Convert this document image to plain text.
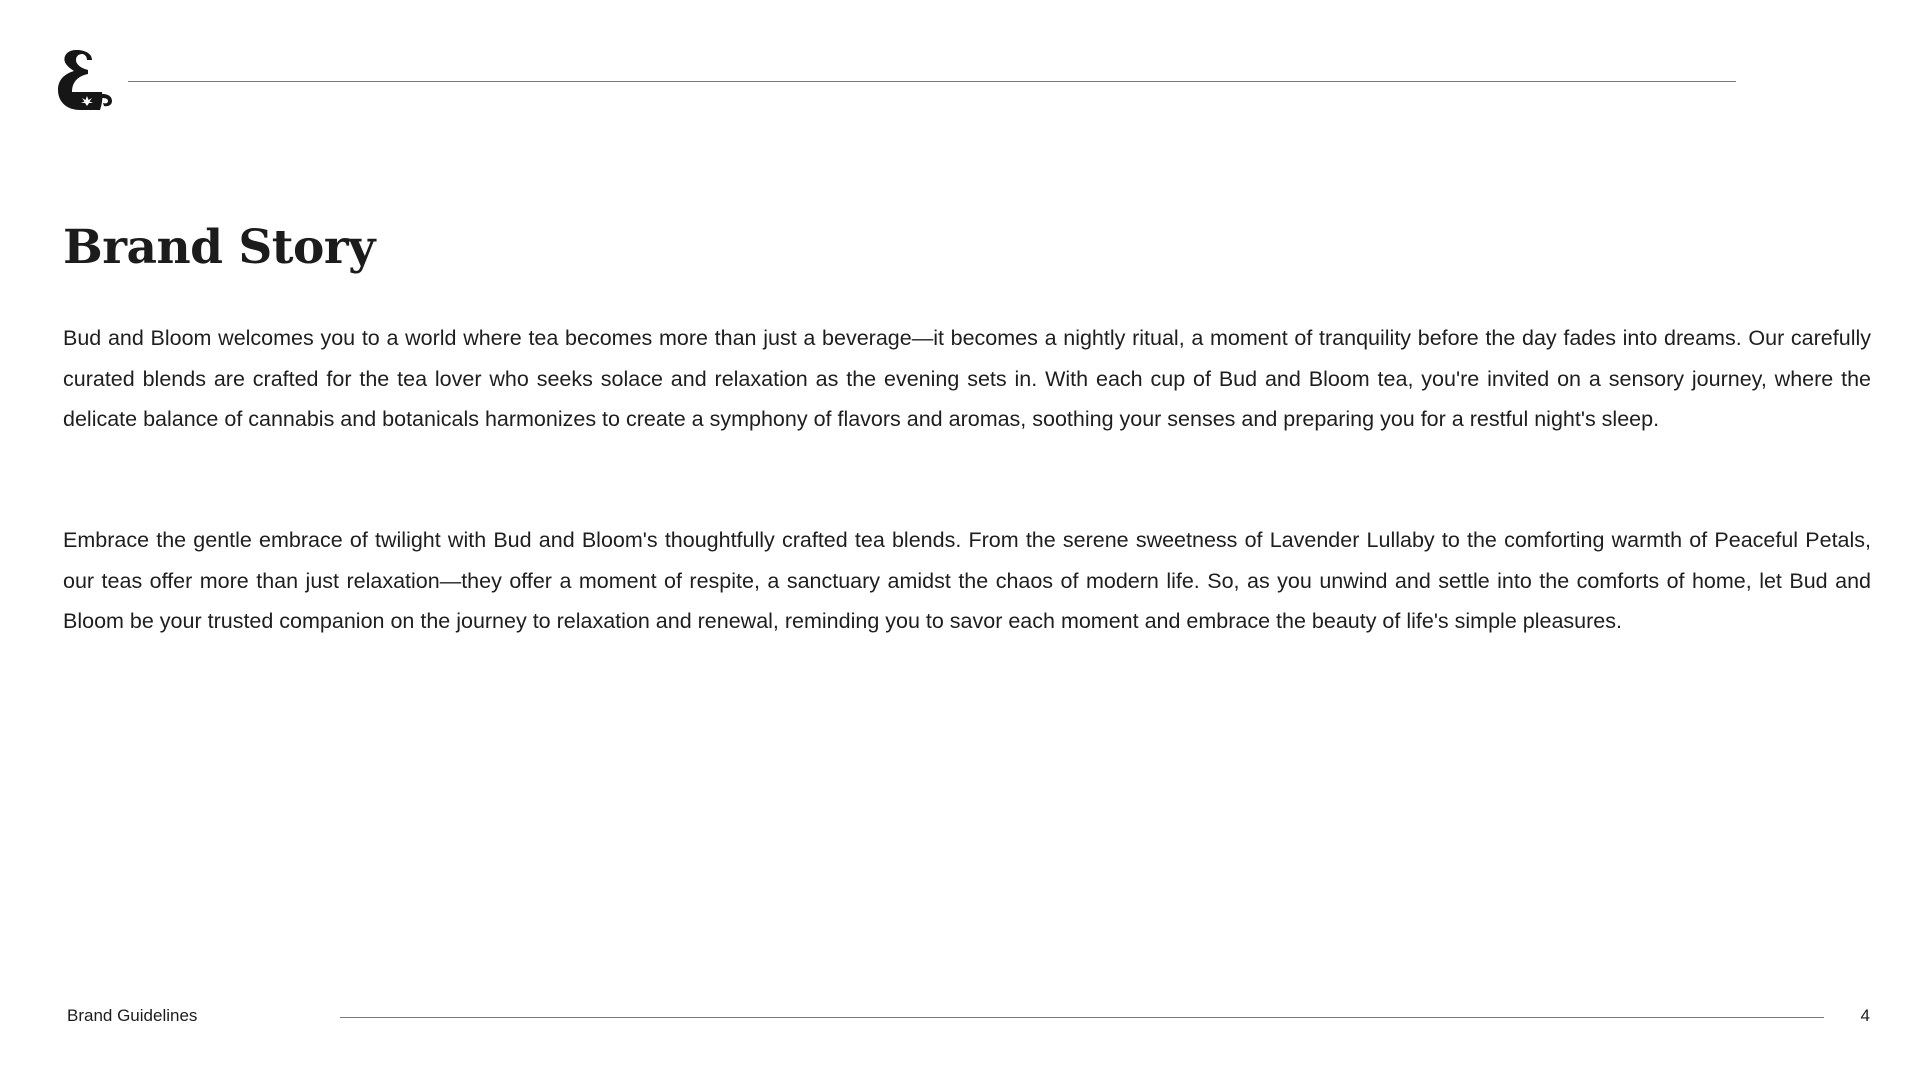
Brand Story

Bud and Bloom welcomes you to a world where tea becomes more than just a beverage—it becomes a nightly ritual, a moment of tranquility before the day fades into dreams. Our carefully curated blends are crafted for the tea lover who seeks solace and relaxation as the evening sets in. With each cup of Bud and Bloom tea, you're invited on a sensory journey, where the delicate balance of cannabis and botanicals harmonizes to create a symphony of flavors and aromas, soothing your senses and preparing you for a restful night's sleep.

Embrace the gentle embrace of twilight with Bud and Bloom's thoughtfully crafted tea blends. From the serene sweetness of Lavender Lullaby to the comforting warmth of Peaceful Petals, our teas offer more than just relaxation—they offer a moment of respite, a sanctuary amidst the chaos of modern life. So, as you unwind and settle into the comforts of home, let Bud and Bloom be your trusted companion on the journey to relaxation and renewal, reminding you to savor each moment and embrace the beauty of life's simple pleasures.

Brand Guidelines	4
